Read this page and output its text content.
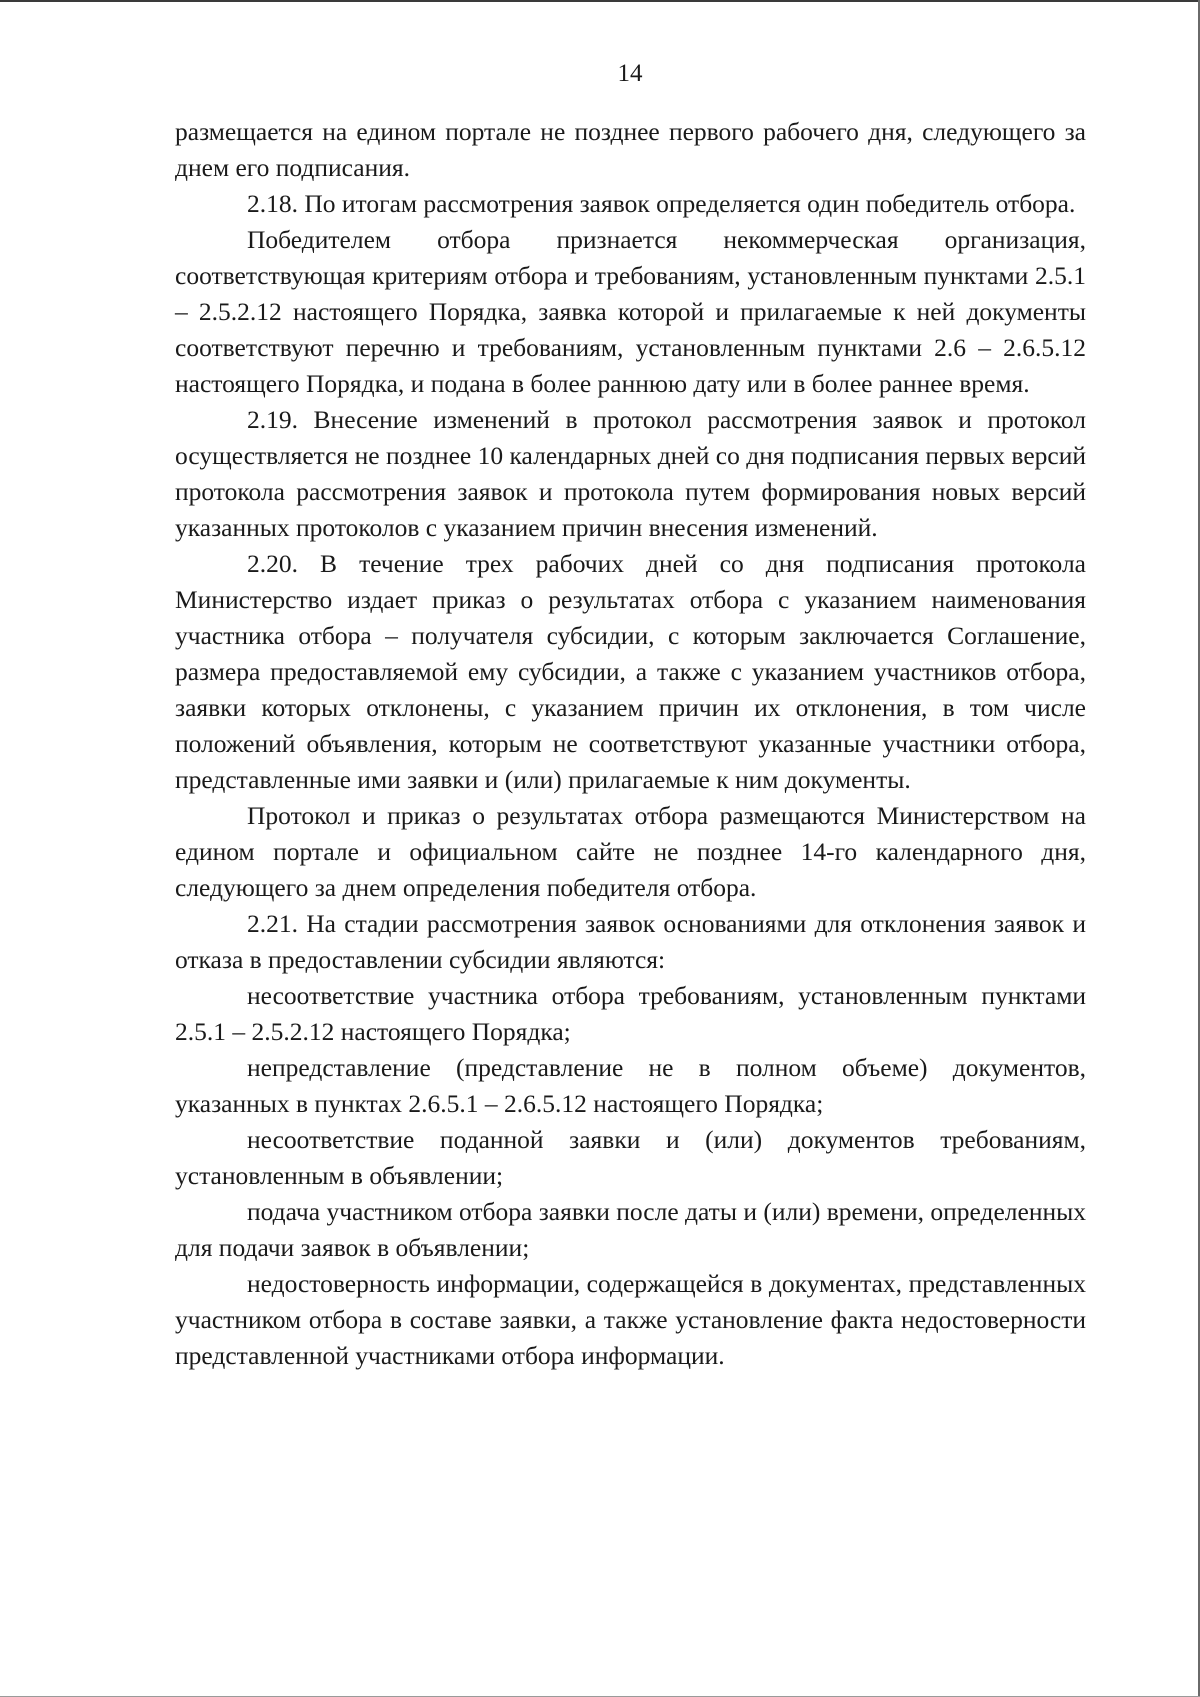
14

размещается на едином портале не позднее первого рабочего дня, следующего за днем его подписания.

2.18. По итогам рассмотрения заявок определяется один победитель отбора.

Победителем отбора признается некоммерческая организация, соответствующая критериям отбора и требованиям, установленным пунктами 2.5.1 – 2.5.2.12 настоящего Порядка, заявка которой и прилагаемые к ней документы соответствуют перечню и требованиям, установленным пунктами 2.6 – 2.6.5.12 настоящего Порядка, и подана в более раннюю дату или в более раннее время.

2.19. Внесение изменений в протокол рассмотрения заявок и протокол осуществляется не позднее 10 календарных дней со дня подписания первых версий протокола рассмотрения заявок и протокола путем формирования новых версий указанных протоколов с указанием причин внесения изменений.

2.20. В течение трех рабочих дней со дня подписания протокола Министерство издает приказ о результатах отбора с указанием наименования участника отбора – получателя субсидии, с которым заключается Соглашение, размера предоставляемой ему субсидии, а также с указанием участников отбора, заявки которых отклонены, с указанием причин их отклонения, в том числе положений объявления, которым не соответствуют указанные участники отбора, представленные ими заявки и (или) прилагаемые к ним документы.

Протокол и приказ о результатах отбора размещаются Министерством на едином портале и официальном сайте не позднее 14-го календарного дня, следующего за днем определения победителя отбора.

2.21. На стадии рассмотрения заявок основаниями для отклонения заявок и отказа в предоставлении субсидии являются:

несоответствие участника отбора требованиям, установленным пунктами 2.5.1 – 2.5.2.12 настоящего Порядка;

непредставление (представление не в полном объеме) документов, указанных в пунктах 2.6.5.1 – 2.6.5.12 настоящего Порядка;

несоответствие поданной заявки и (или) документов требованиям, установленным в объявлении;

подача участником отбора заявки после даты и (или) времени, определенных для подачи заявок в объявлении;

недостоверность информации, содержащейся в документах, представленных участником отбора в составе заявки, а также установление факта недостоверности представленной участниками отбора информации.
